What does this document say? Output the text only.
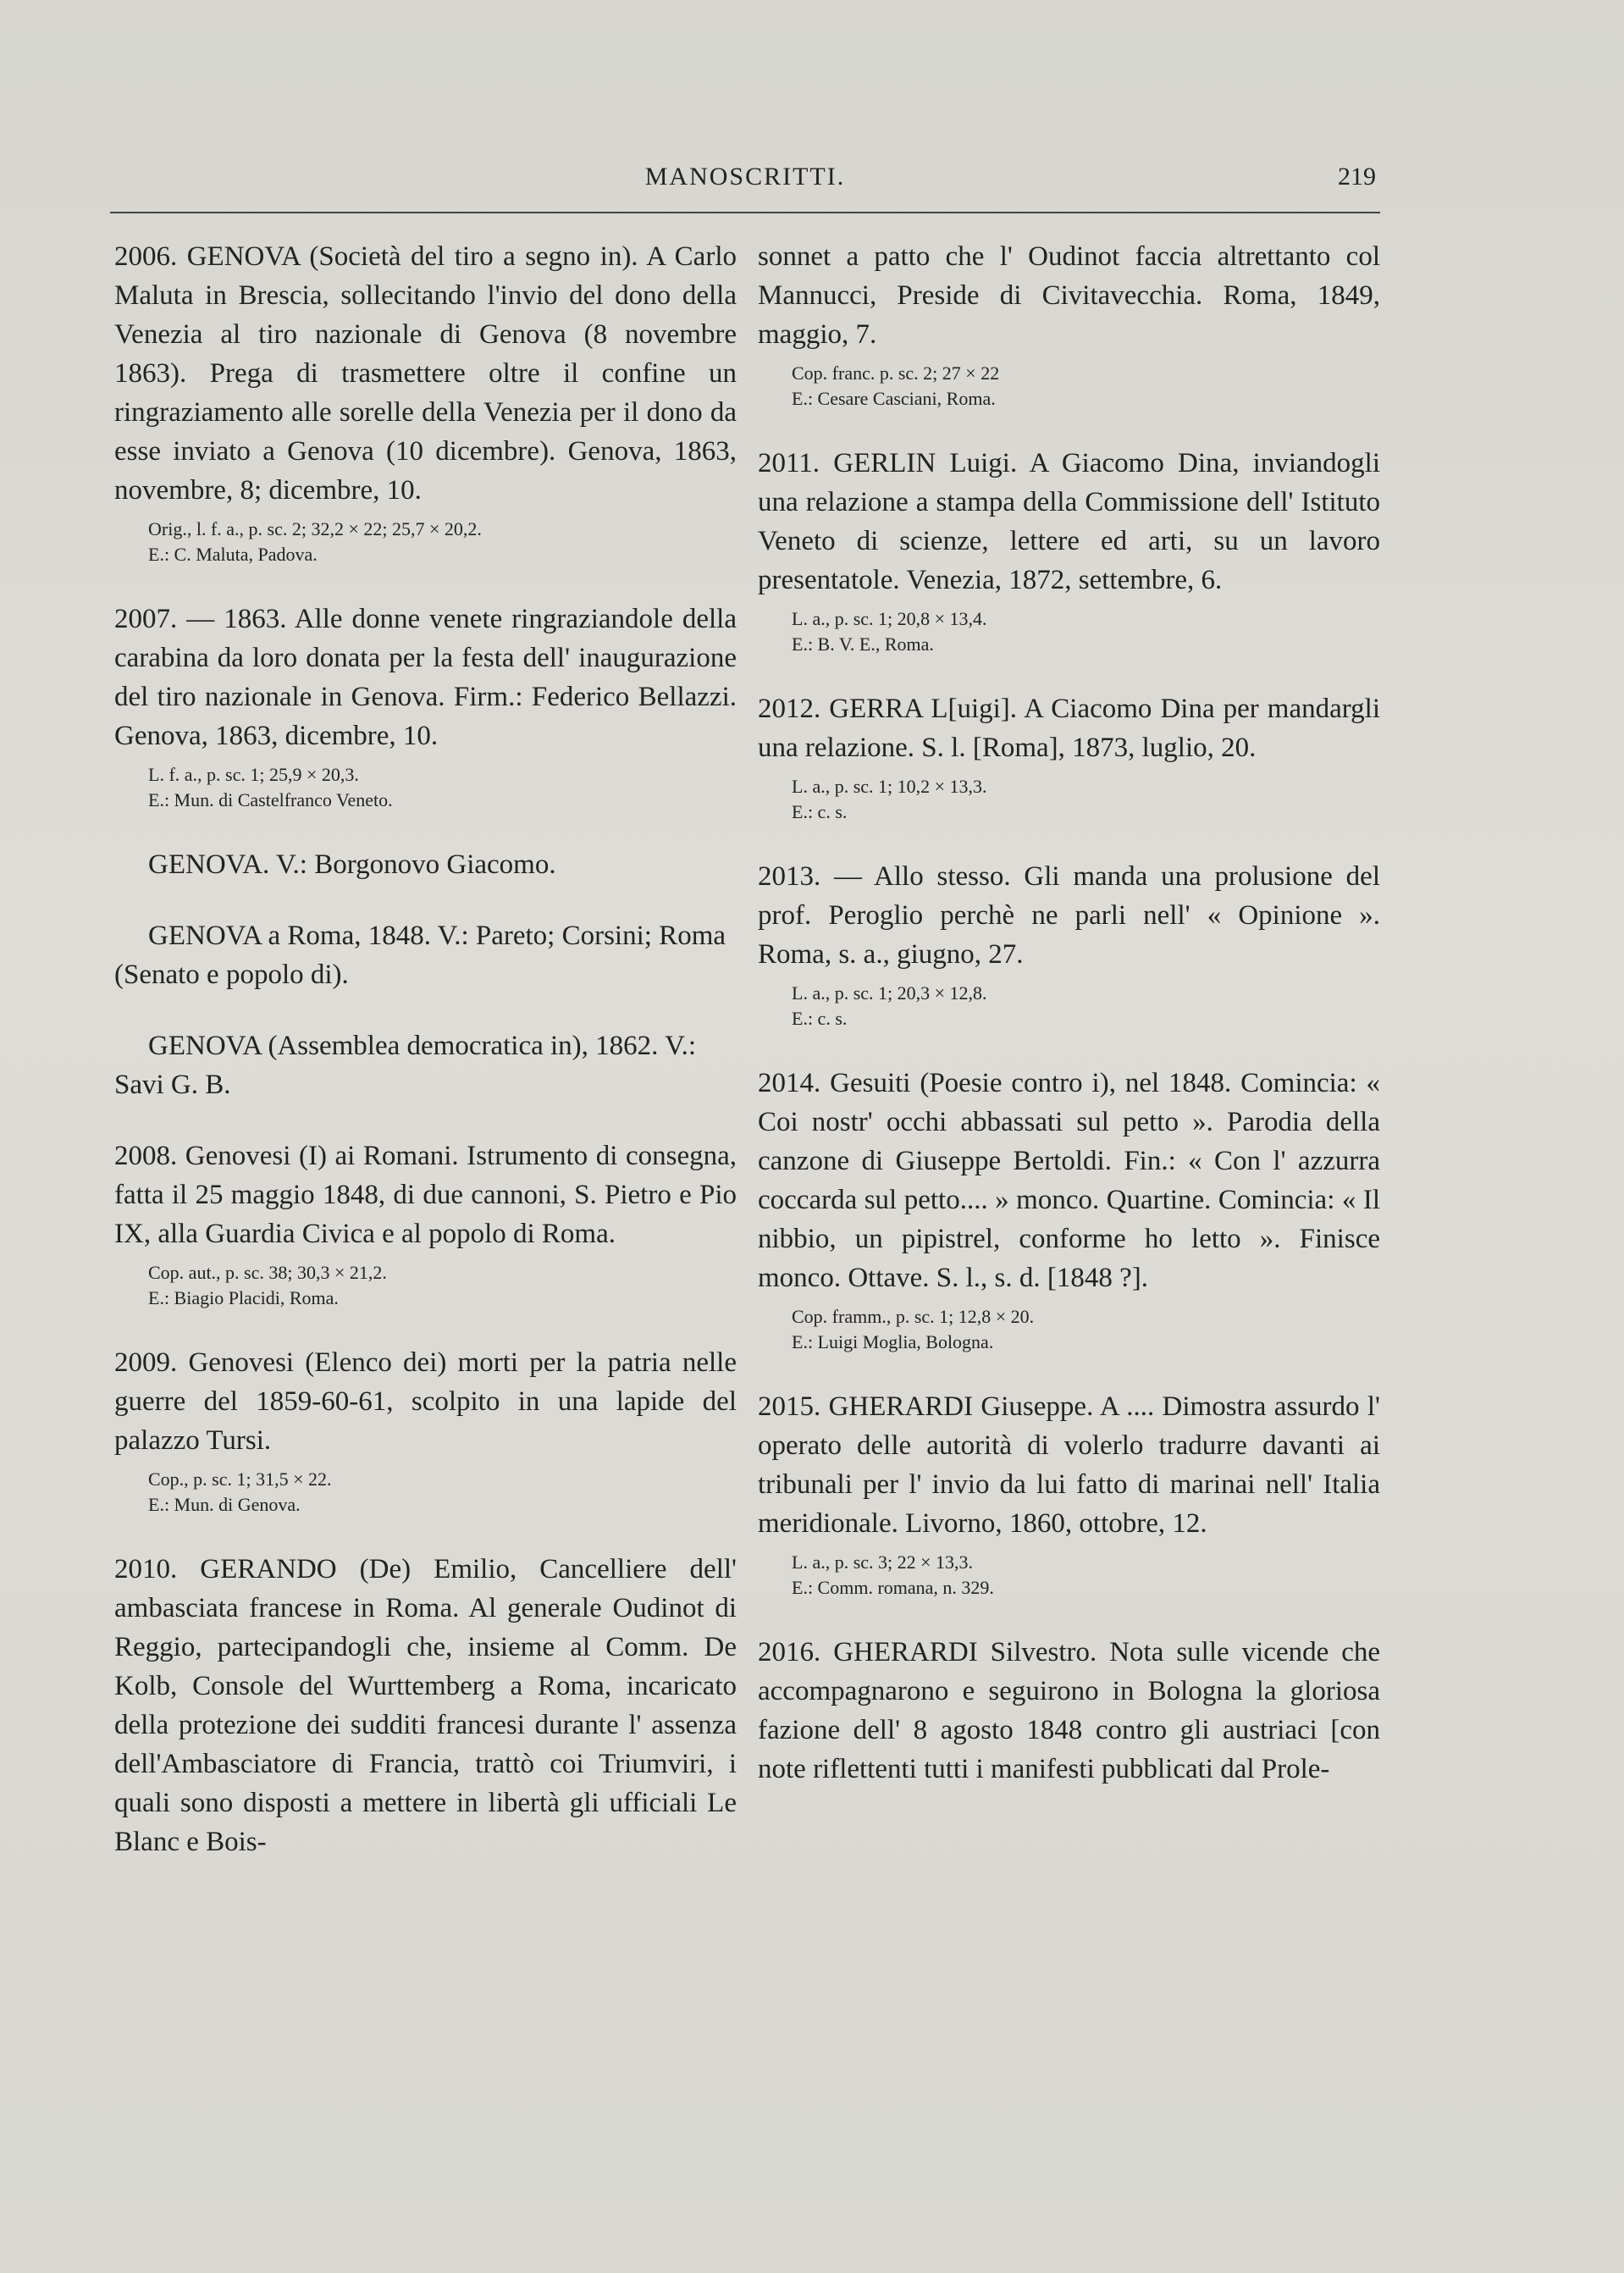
MANOSCRITTI.	219

2006. GENOVA (Società del tiro a segno in). A Carlo Maluta in Brescia, sollecitando l'invio del dono della Venezia al tiro nazionale di Genova (8 novembre 1863). Prega di trasmettere oltre il confine un ringraziamento alle sorelle della Venezia per il dono da esse inviato a Genova (10 dicembre). Genova, 1863, novembre, 8; dicembre, 10.

Orig., l. f. a., p. sc. 2; 32,2 × 22; 25,7 × 20,2.

E.: C. Maluta, Padova.

2007. — 1863. Alle donne venete ringraziandole della carabina da loro donata per la festa dell' inaugurazione del tiro nazionale in Genova. Firm.: Federico Bellazzi. Genova, 1863, dicembre, 10.

L. f. a., p. sc. 1; 25,9 × 20,3.

E.: Mun. di Castelfranco Veneto.

GENOVA. V.: Borgonovo Giacomo.

GENOVA a Roma, 1848. V.: Pareto; Corsini; Roma (Senato e popolo di).

GENOVA (Assemblea democratica in), 1862. V.: Savi G. B.

2008. Genovesi (I) ai Romani. Istrumento di consegna, fatta il 25 maggio 1848, di due cannoni, S. Pietro e Pio IX, alla Guardia Civica e al popolo di Roma.

Cop. aut., p. sc. 38; 30,3 × 21,2.

E.: Biagio Placidi, Roma.

2009. Genovesi (Elenco dei) morti per la patria nelle guerre del 1859-60-61, scolpito in una lapide del palazzo Tursi.

Cop., p. sc. 1; 31,5 × 22.

E.: Mun. di Genova.

2010. GERANDO (De) Emilio, Cancelliere dell' ambasciata francese in Roma. Al generale Oudinot di Reggio, partecipandogli che, insieme al Comm. De Kolb, Console del Wurttemberg a Roma, incaricato della protezione dei sudditi francesi durante l' assenza dell'Ambasciatore di Francia, trattò coi Triumviri, i quali sono disposti a mettere in libertà gli ufficiali Le Blanc e Bois-

sonnet a patto che l' Oudinot faccia altrettanto col Mannucci, Preside di Civitavecchia. Roma, 1849, maggio, 7.

Cop. franc. p. sc. 2; 27 × 22

E.: Cesare Casciani, Roma.

2011. GERLIN Luigi. A Giacomo Dina, inviandogli una relazione a stampa della Commissione dell' Istituto Veneto di scienze, lettere ed arti, su un lavoro presentatole. Venezia, 1872, settembre, 6.

L. a., p. sc. 1; 20,8 × 13,4.

E.: B. V. E., Roma.

2012. GERRA L[uigi]. A Ciacomo Dina per mandargli una relazione. S. l. [Roma], 1873, luglio, 20.

L. a., p. sc. 1; 10,2 × 13,3.

E.: c. s.

2013. — Allo stesso. Gli manda una prolusione del prof. Peroglio perchè ne parli nell' « Opinione ». Roma, s. a., giugno, 27.

L. a., p. sc. 1; 20,3 × 12,8.

E.: c. s.

2014. Gesuiti (Poesie contro i), nel 1848. Comincia: « Coi nostr' occhi abbassati sul petto ». Parodia della canzone di Giuseppe Bertoldi. Fin.: « Con l' azzurra coccarda sul petto.... » monco. Quartine. Comincia: « Il nibbio, un pipistrel, conforme ho letto ». Finisce monco. Ottave. S. l., s. d. [1848 ?].

Cop. framm., p. sc. 1; 12,8 × 20.

E.: Luigi Moglia, Bologna.

2015. GHERARDI Giuseppe. A .... Dimostra assurdo l' operato delle autorità di volerlo tradurre davanti ai tribunali per l' invio da lui fatto di marinai nell' Italia meridionale. Livorno, 1860, ottobre, 12.

L. a., p. sc. 3; 22 × 13,3.

E.: Comm. romana, n. 329.

2016. GHERARDI Silvestro. Nota sulle vicende che accompagnarono e seguirono in Bologna la gloriosa fazione dell' 8 agosto 1848 contro gli austriaci [con note riflettenti tutti i manifesti pubblicati dal Prole-
